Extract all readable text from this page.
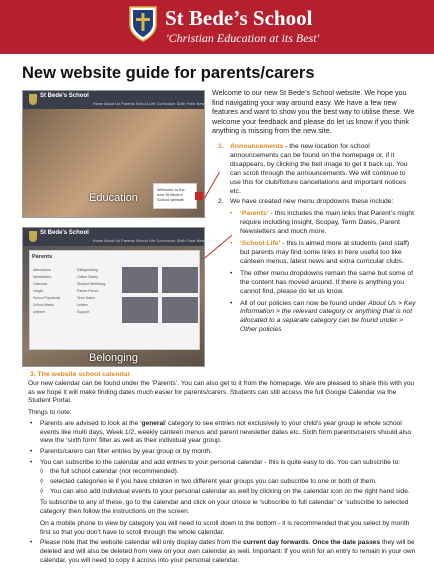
St Bede’s School
'Christian Education at its Best'
New website guide for parents/carers
St Bede's School
Home About Us Parents School Life Curriculum Sixth Form News Contact
Education
Welcome to the new St Bede's School website.
St Bede's School
Home About Us Parents School Life Curriculum Sixth Form News Contact
Parents
Attendance
Newsletters
Calendar
Insight
School Payments
School Meals
Uniform
Safeguarding
Online Safety
Student Wellbeing
Parent Forum
Term Dates
Letters
Support
Belonging
Welcome to our new St Bede’s School website. We hope you find navigating your way around easy. We have a few new features and want to show you the best way to utilise these. We welcome your feedback and please do let us know if you think anything is missing from the new site.
1. Announcements - the new location for school announcements can be found on the homepage or, if it disappears, by clicking the bell image to get it back up. You can scroll through the announcements. We will continue to use this for club/fixture cancellations and important notices etc.
2. We have created new menu dropdowns these include:
• ‘Parents’ - this includes the main links that Parent’s might require including Insight, Scopay, Term Dates, Parent Newsletters and much more.
• ‘School Life’ - this is aimed more at students (and staff) but parents may find some links in here useful too like canteen menus, latest news and extra curricular clubs.
• The other menu dropdowns remain the same but some of the content has moved around. If there is anything you cannot find, please do let us know.
• All of our policies can now be found under About Us > Key Information > the relevant category or anything that is not allocated to a separate category can be found under > Other policies
3. The website school calendar

Our new calendar can be found under the ‘Parents’. You can also get to it from the homepage. We are pleased to share this with you as we hope it will make finding dates much easier for parents/carers. Students can still access the full Google Calendar via the Student Portal.

Things to note:

• Parents are advised to look at the ‘general’ category to see entries not exclusively to your child’s year group ie whole school events like multi days, Week 1/2, weekly canteen menus and parent newsletter dates etc. Sixth form parents/carers should also view the ‘sixth form’ filter as well as their individual year group.
• Parents/carers can filter entries by year group or by month.
• You can subscribe to the calendar and add entries to your personal calendar - this is quite easy to do. You can subscribe to:
◊ the full school calendar (not recommended).
◊ selected categories ie if you have children in two different year groups you can subscribe to one or both of them.
◊ You can also add individual events to your personal calendar as well by clicking on the calendar icon on the right hand side.

To subscribe to any of these, go to the calendar and click on your choice ie ‘subscribe to full calendar’ or ‘subscribe to selected category’ then follow the instructions on the screen.

On a mobile phone to view by category you will need to scroll down to the bottom - it is recommended that you select by month first so that you don’t have to scroll through the whole calendar.

• Please note that the website calendar will only display dates from the current day forwards. Once the date passes they will be deleted and will also be deleted from view on your own calendar as well. Important: If you wish for an entry to remain in your own calendar, you will need to copy it across into your personal calendar.
